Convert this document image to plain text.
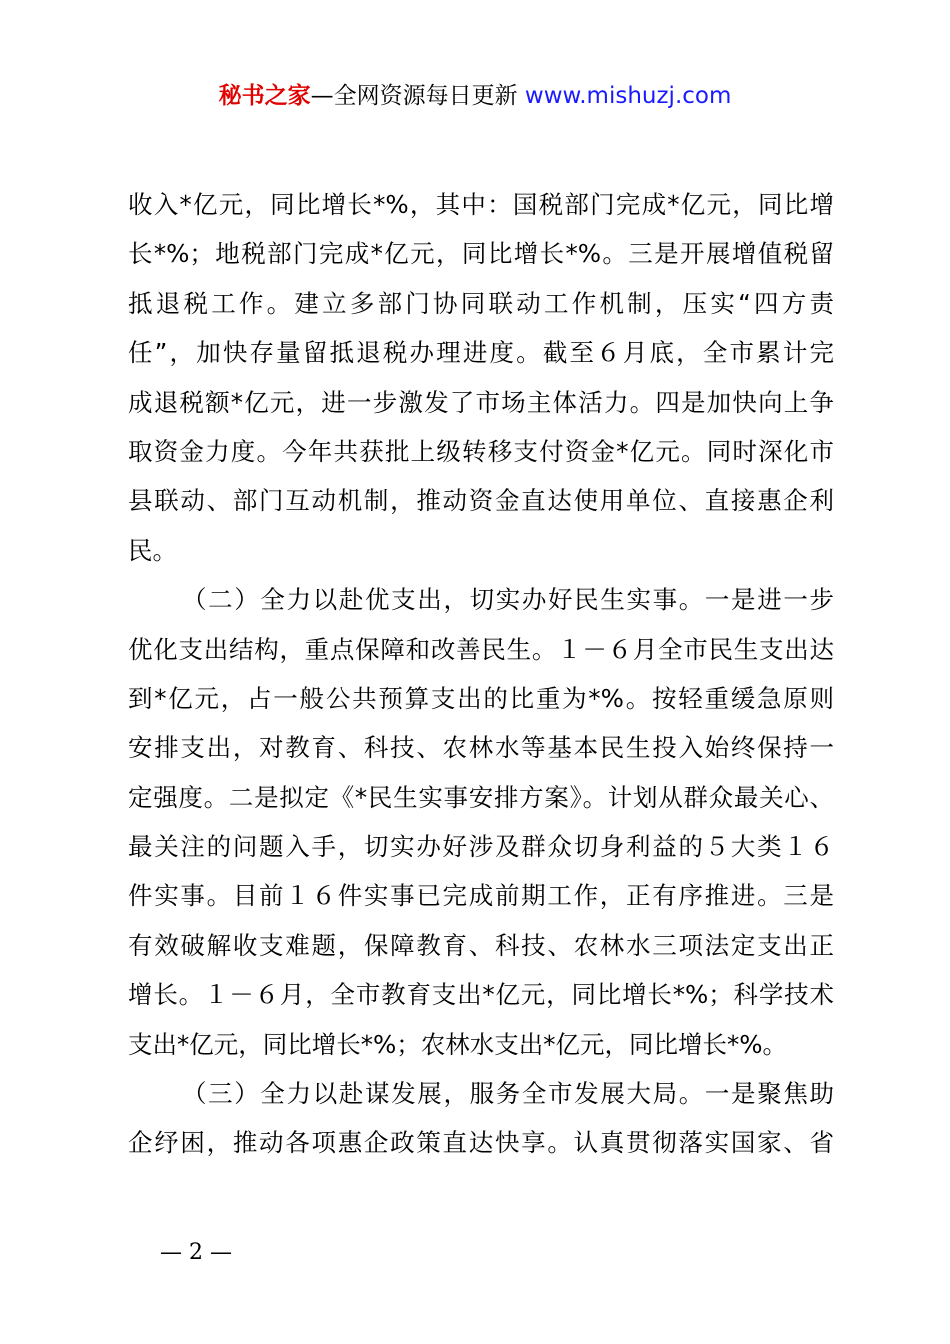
秘书之家—全网资源每日更新 www.mishuzj.com
收入*亿元，同比增长*%，其中：国税部门完成*亿元，同比增
长*%；地税部门完成*亿元，同比增长*%。三是开展增值税留
抵退税工作。建立多部门协同联动工作机制，压实“四方责
任”，加快存量留抵退税办理进度。截至６月底，全市累计完
成退税额*亿元，进一步激发了市场主体活力。四是加快向上争
取资金力度。今年共获批上级转移支付资金*亿元。同时深化市
县联动、部门互动机制，推动资金直达使用单位、直接惠企利
民。
（二）全力以赴优支出，切实办好民生实事。一是进一步
优化支出结构，重点保障和改善民生。１－６月全市民生支出达
到*亿元，占一般公共预算支出的比重为*%。按轻重缓急原则
安排支出，对教育、科技、农林水等基本民生投入始终保持一
定强度。二是拟定《*民生实事安排方案》。计划从群众最关心、
最关注的问题入手，切实办好涉及群众切身利益的５大类１６
件实事。目前１６件实事已完成前期工作，正有序推进。三是
有效破解收支难题，保障教育、科技、农林水三项法定支出正
增长。１－６月，全市教育支出*亿元，同比增长*%；科学技术
支出*亿元，同比增长*%；农林水支出*亿元，同比增长*%。
（三）全力以赴谋发展，服务全市发展大局。一是聚焦助
企纾困，推动各项惠企政策直达快享。认真贯彻落实国家、省
— 2 —
